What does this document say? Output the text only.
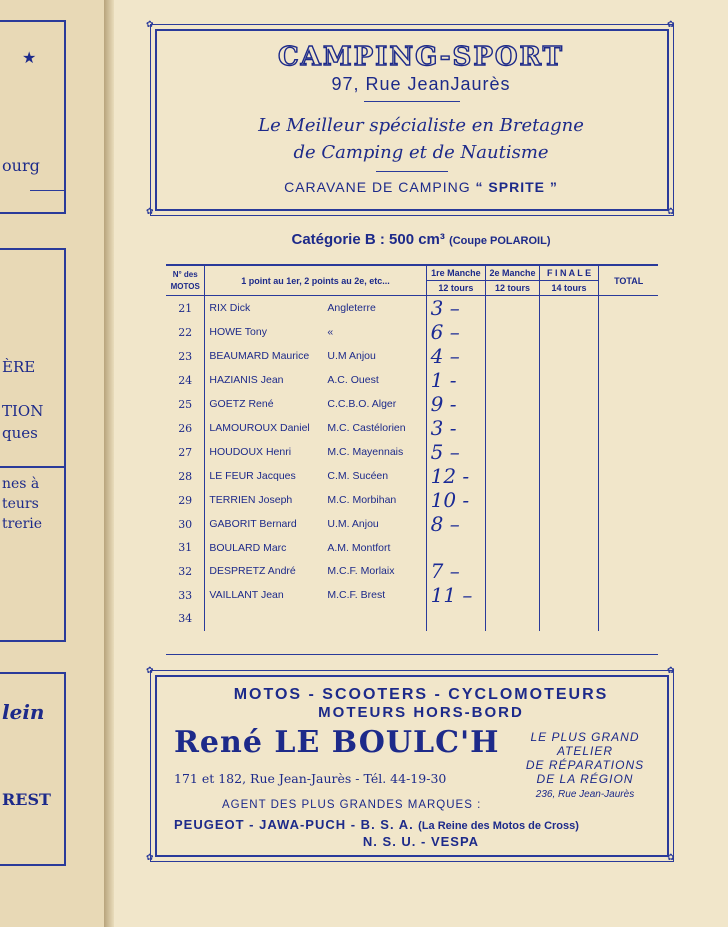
★
ourg
ÈRE
TION
ques
nes à
teurs
trerie
lein
REST
✿	✿
✿	✿
CAMPING-SPORT
97, Rue JeanJaurès
Le Meilleur spécialiste en Bretagne
de Camping et de Nautisme
CARAVANE DE CAMPING “ SPRITE ”
Catégorie B : 500 cm³ (Coupe POLAROIL)
N° des MOTOS	1 point au 1er, 2 points au 2e, etc...	1re Manche	2e Manche	F I N A L E	TOTAL
		12 tours	12 tours	14 tours	
21	RIX Dick Angleterre	3 –			
22	HOWE Tony «	6 –			
23	BEAUMARD Maurice U.M Anjou	4 –			
24	HAZIANIS Jean A.C. Ouest	1 -			
25	GOETZ René C.C.B.O. Alger	9 -			
26	LAMOUROUX Daniel M.C. Castélorien	3 -			
27	HOUDOUX Henri M.C. Mayennais	5 –			
28	LE FEUR Jacques C.M. Sucéen	12 -			
29	TERRIEN Joseph M.C. Morbihan	10 -			
30	GABORIT Bernard U.M. Anjou	8 –			
31	BOULARD Marc A.M. Montfort				
32	DESPRETZ André M.C.F. Morlaix	7 –			
33	VAILLANT Jean M.C.F. Brest	11 –			
34					
✿	✿
✿	✿
MOTOS - SCOOTERS - CYCLOMOTEURS
MOTEURS HORS-BORD
René LE BOULC'H
171 et 182, Rue Jean-Jaurès - Tél. 44-19-30
AGENT DES PLUS GRANDES MARQUES :
LE PLUS GRAND
ATELIER
DE RÉPARATIONS
DE LA RÉGION
236, Rue Jean-Jaurès
PEUGEOT - JAWA-PUCH - B. S. A. (La Reine des Motos de Cross)
N. S. U. - VESPA
